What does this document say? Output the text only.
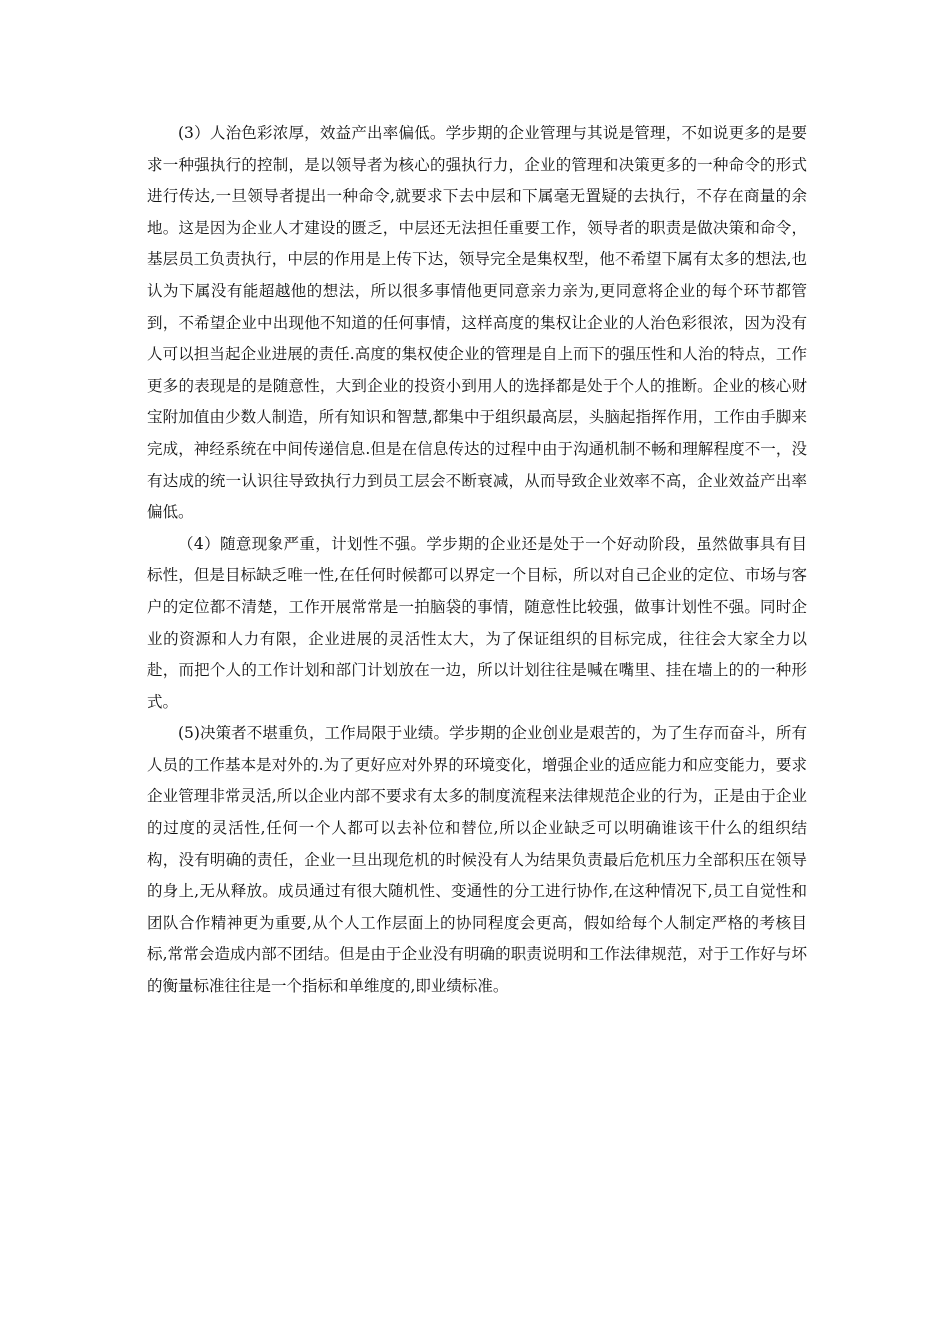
(3）人治色彩浓厚，效益产出率偏低。学步期的企业管理与其说是管理，不如说更多的是要求一种强执行的控制，是以领导者为核心的强执行力，企业的管理和决策更多的一种命令的形式进行传达,一旦领导者提出一种命令,就要求下去中层和下属毫无置疑的去执行，不存在商量的余地。这是因为企业人才建设的匮乏，中层还无法担任重要工作，领导者的职责是做决策和命令，基层员工负责执行，中层的作用是上传下达，领导完全是集权型，他不希望下属有太多的想法,也认为下属没有能超越他的想法，所以很多事情他更同意亲力亲为,更同意将企业的每个环节都管到，不希望企业中出现他不知道的任何事情，这样高度的集权让企业的人治色彩很浓，因为没有人可以担当起企业进展的责任.高度的集权使企业的管理是自上而下的强压性和人治的特点，工作更多的表现是的是随意性，大到企业的投资小到用人的选择都是处于个人的推断。企业的核心财宝附加值由少数人制造，所有知识和智慧,都集中于组织最高层，头脑起指挥作用，工作由手脚来完成，神经系统在中间传递信息.但是在信息传达的过程中由于沟通机制不畅和理解程度不一，没有达成的统一认识往导致执行力到员工层会不断衰减，从而导致企业效率不高，企业效益产出率偏低。

（4）随意现象严重，计划性不强。学步期的企业还是处于一个好动阶段，虽然做事具有目标性，但是目标缺乏唯一性,在任何时候都可以界定一个目标，所以对自己企业的定位、市场与客户的定位都不清楚，工作开展常常是一拍脑袋的事情，随意性比较强，做事计划性不强。同时企业的资源和人力有限，企业进展的灵活性太大，为了保证组织的目标完成，往往会大家全力以赴，而把个人的工作计划和部门计划放在一边，所以计划往往是喊在嘴里、挂在墙上的的一种形式。

(5)决策者不堪重负，工作局限于业绩。学步期的企业创业是艰苦的，为了生存而奋斗，所有人员的工作基本是对外的.为了更好应对外界的环境变化，增强企业的适应能力和应变能力，要求企业管理非常灵活,所以企业内部不要求有太多的制度流程来法律规范企业的行为，正是由于企业的过度的灵活性,任何一个人都可以去补位和替位,所以企业缺乏可以明确谁该干什么的组织结构，没有明确的责任，企业一旦出现危机的时候没有人为结果负责最后危机压力全部积压在领导的身上,无从释放。成员通过有很大随机性、变通性的分工进行协作,在这种情况下,员工自觉性和团队合作精神更为重要,从个人工作层面上的协同程度会更高，假如给每个人制定严格的考核目标,常常会造成内部不团结。但是由于企业没有明确的职责说明和工作法律规范，对于工作好与坏的衡量标准往往是一个指标和单维度的,即业绩标准。
